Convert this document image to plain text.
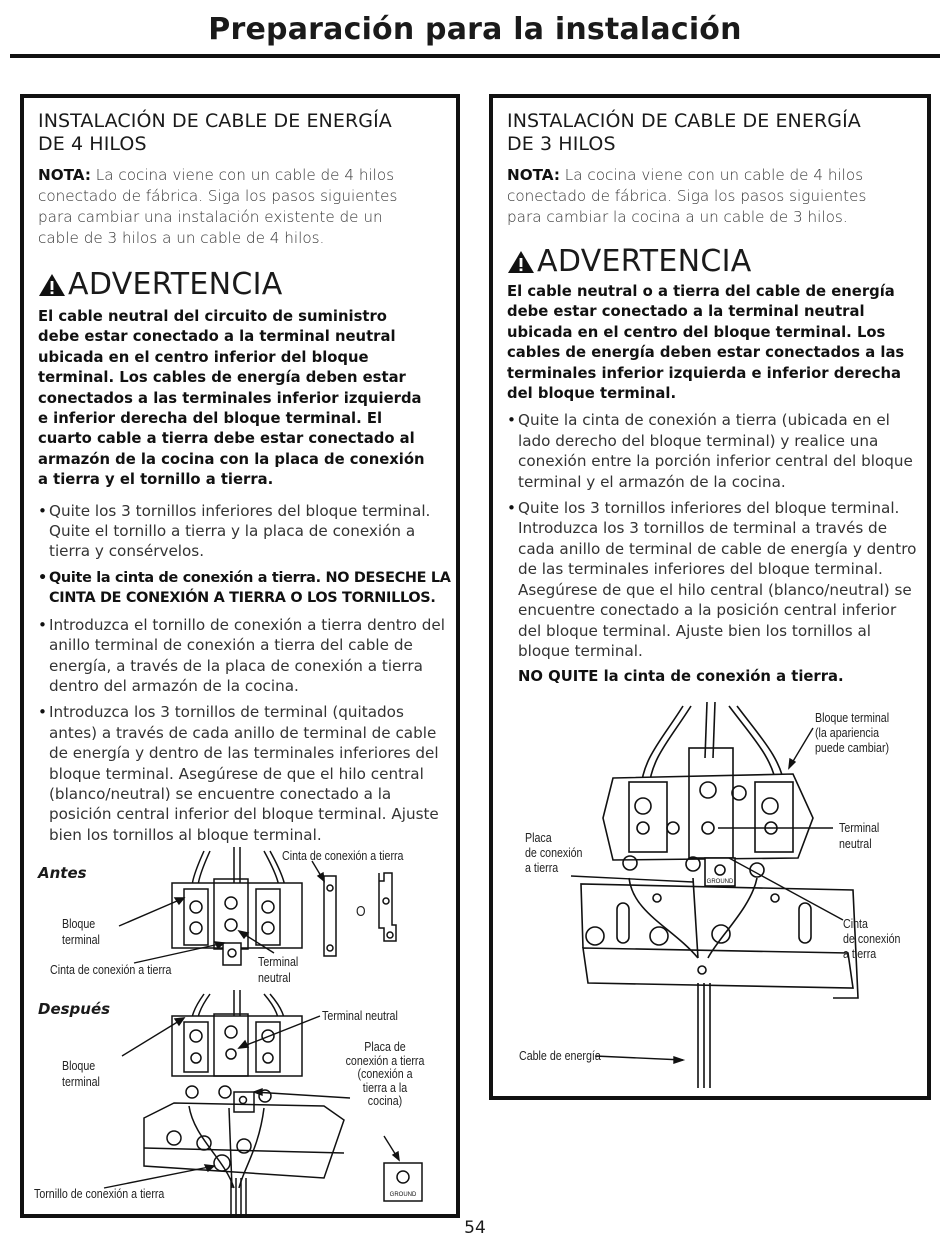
Preparación para la instalación
INSTALACIÓN DE CABLE DE ENERGÍA DE 4 HILOS

NOTA: La cocina viene con un cable de 4 hilos conectado de fábrica. Siga los pasos siguientes para cambiar una instalación existente de un cable de 3 hilos a un cable de 4 hilos.

ADVERTENCIA

El cable neutral del circuito de suministro debe estar conectado a la terminal neutral ubicada en el centro inferior del bloque terminal. Los cables de energía deben estar conectados a las terminales inferior izquierda e inferior derecha del bloque terminal. El cuarto cable a tierra debe estar conectado al armazón de la cocina con la placa de conexión a tierra y el tornillo a tierra.

• Quite los 3 tornillos inferiores del bloque terminal. Quite el tornillo a tierra y la placa de conexión a tierra y consérvelos.
• Quite la cinta de conexión a tierra. NO DESECHE LA CINTA DE CONEXIÓN A TIERRA O LOS TORNILLOS.
• Introduzca el tornillo de conexión a tierra dentro del anillo terminal de conexión a tierra del cable de energía, a través de la placa de conexión a tierra dentro del armazón de la cocina.
• Introduzca los 3 tornillos de terminal (quitados antes) a través de cada anillo de terminal de cable de energía y dentro de las terminales inferiores del bloque terminal. Asegúrese de que el hilo central (blanco/neutral) se encuentre conectado a la posición central inferior del bloque terminal. Ajuste bien los tornillos al bloque terminal.
Antes
Cinta de conexión a tierra
Bloque
terminal
Cinta de conexión a tierra
Terminal
neutral
O
Después	Terminal neutral
Bloque
terminal
Placa de
conexión a tierra
(conexión a
tierra a la
cocina)
Tornillo de conexión a tierra	GROUND
INSTALACIÓN DE CABLE DE ENERGÍA DE 3 HILOS

NOTA: La cocina viene con un cable de 4 hilos conectado de fábrica. Siga los pasos siguientes para cambiar la cocina a un cable de 3 hilos.

ADVERTENCIA

El cable neutral o a tierra del cable de energía debe estar conectado a la terminal neutral ubicada en el centro del bloque terminal. Los cables de energía deben estar conectados a las terminales inferior izquierda e inferior derecha del bloque terminal.

• Quite la cinta de conexión a tierra (ubicada en el lado derecho del bloque terminal) y realice una conexión entre la porción inferior central del bloque terminal y el armazón de la cocina.
• Quite los 3 tornillos inferiores del bloque terminal. Introduzca los 3 tornillos de terminal a través de cada anillo de terminal de cable de energía y dentro de las terminales inferiores del bloque terminal. Asegúrese de que el hilo central (blanco/neutral) se encuentre conectado a la posición central inferior del bloque terminal. Ajuste bien los tornillos al bloque terminal.
NO QUITE la cinta de conexión a tierra.
Bloque terminal
(la apariencia
puede cambiar)
Terminal
neutral
Placa
de conexión
a tierra
Cinta
de conexión
a tierra
Cable de energía
GROUND
54
